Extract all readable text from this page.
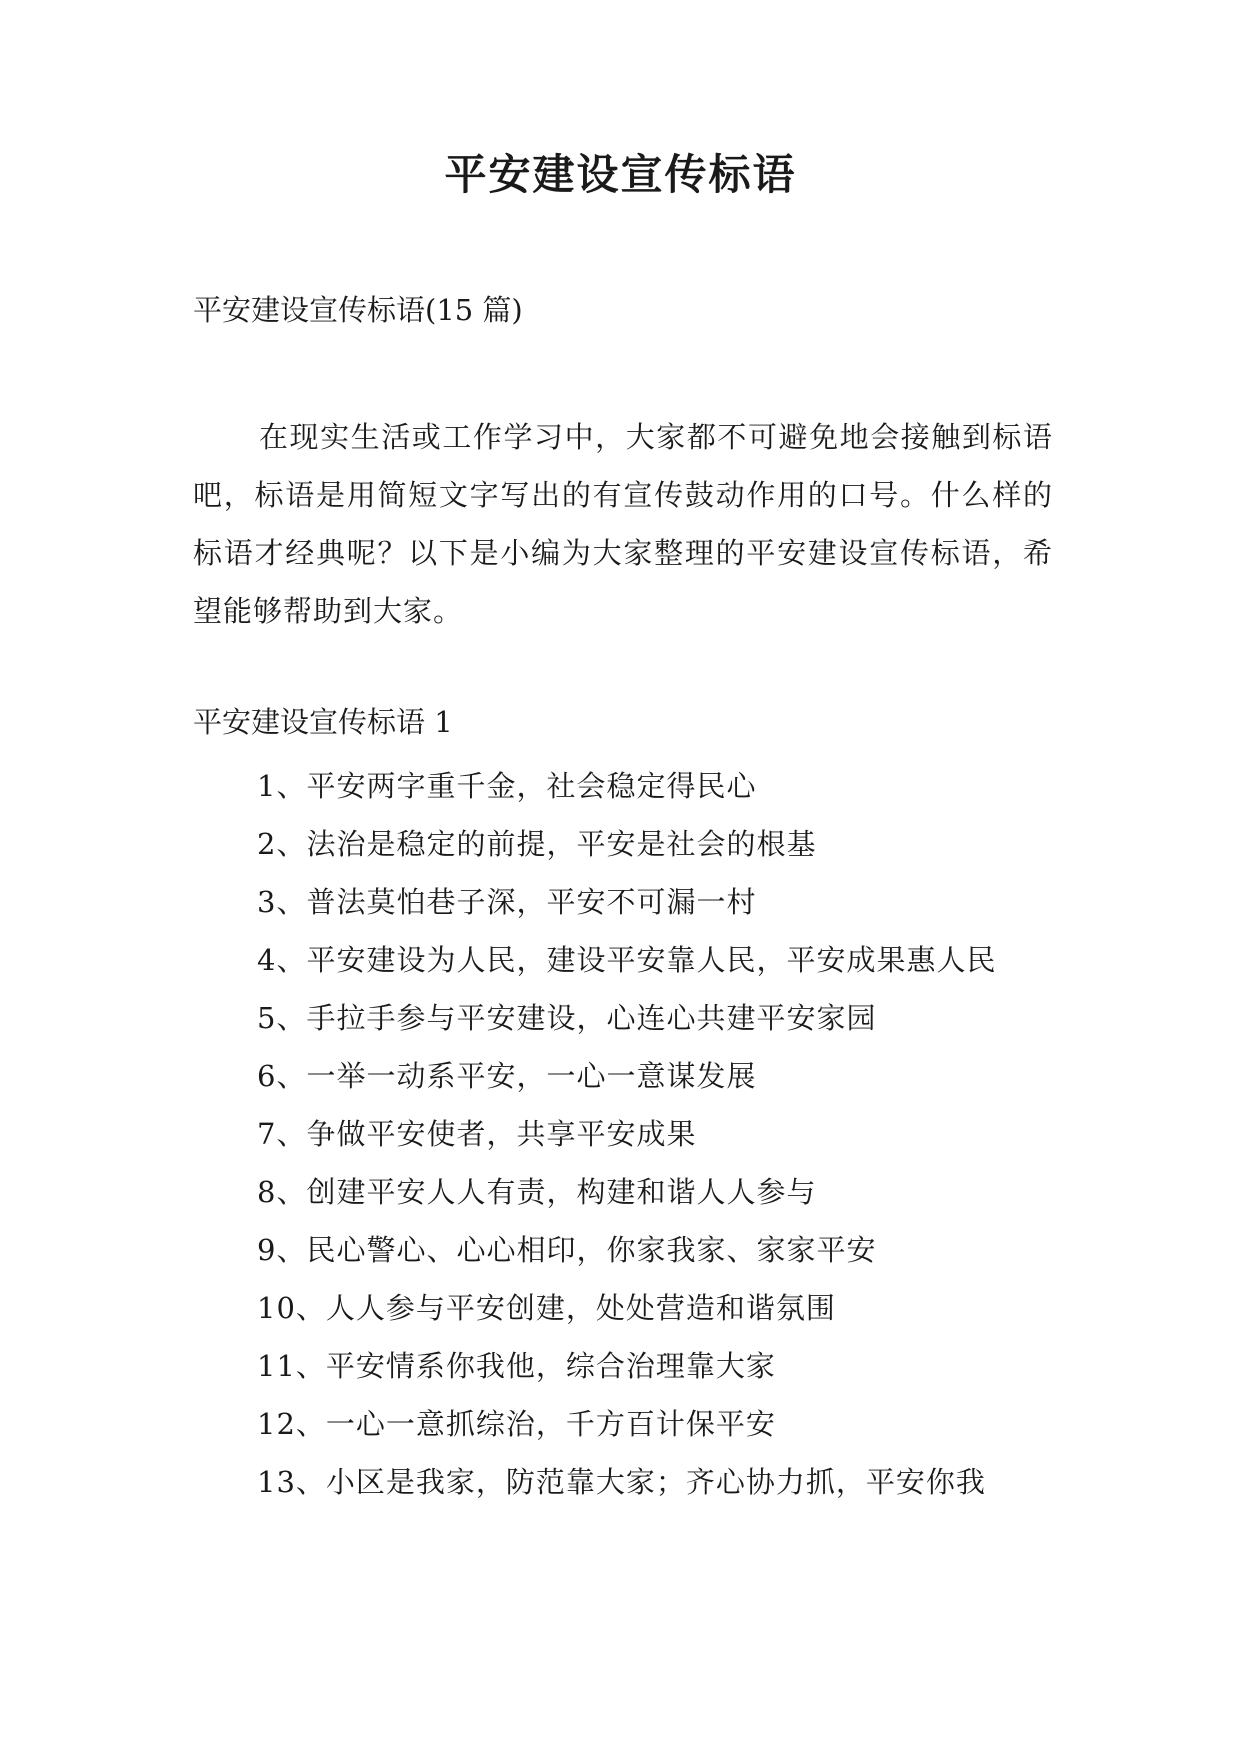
平安建设宣传标语
平安建设宣传标语(15 篇)

在现实生活或工作学习中，大家都不可避免地会接触到标语吧，标语是用简短文字写出的有宣传鼓动作用的口号。什么样的标语才经典呢？以下是小编为大家整理的平安建设宣传标语，希望能够帮助到大家。

平安建设宣传标语 1
1、平安两字重千金，社会稳定得民心
2、法治是稳定的前提，平安是社会的根基
3、普法莫怕巷子深，平安不可漏一村
4、平安建设为人民，建设平安靠人民，平安成果惠人民
5、手拉手参与平安建设，心连心共建平安家园
6、一举一动系平安，一心一意谋发展
7、争做平安使者，共享平安成果
8、创建平安人人有责，构建和谐人人参与
9、民心警心、心心相印，你家我家、家家平安
10、人人参与平安创建，处处营造和谐氛围
11、平安情系你我他，综合治理靠大家
12、一心一意抓综治，千方百计保平安
13、小区是我家，防范靠大家；齐心协力抓，平安你我
